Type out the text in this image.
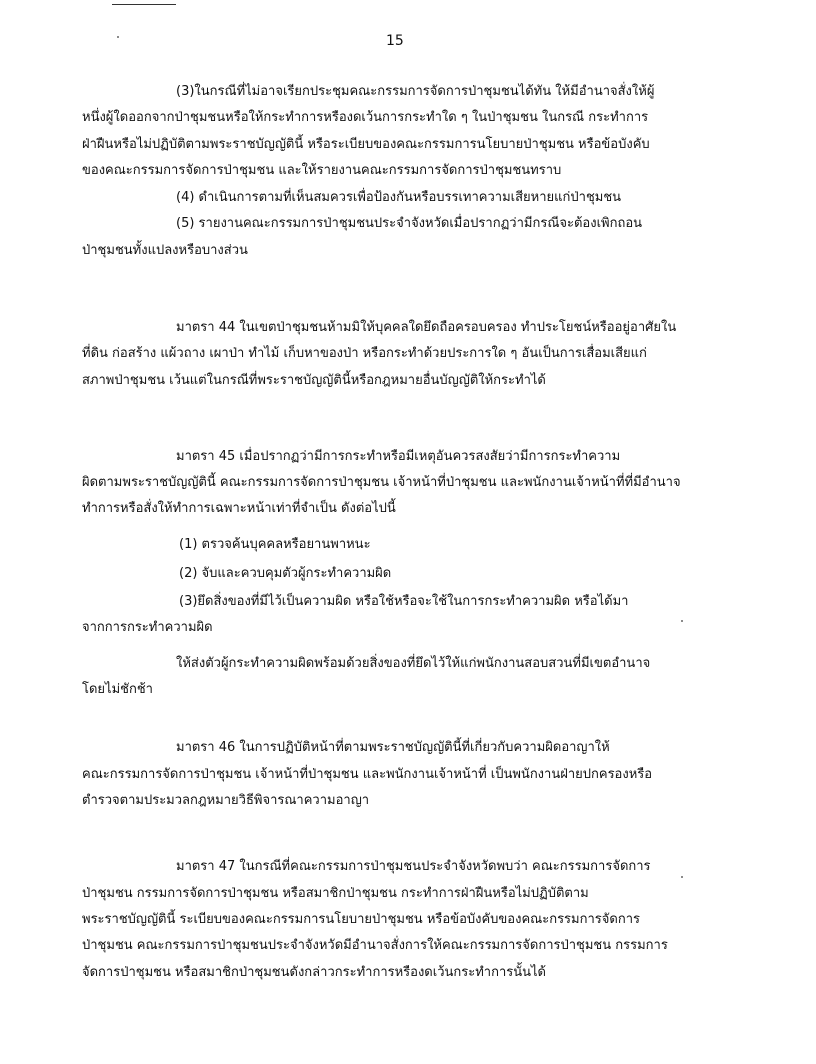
15
(3)ในกรณีที่ไม่อาจเรียกประชุมคณะกรรมการจัดการป่าชุมชนได้ทัน ให้มีอำนาจสั่งให้ผู้
หนึ่งผู้ใดออกจากป่าชุมชนหรือให้กระทำการหรืองดเว้นการกระทำใด ๆ ในป่าชุมชน ในกรณี กระทำการ
ฝ่าฝืนหรือไม่ปฏิบัติตามพระราชบัญญัตินี้ หรือระเบียบของคณะกรรมการนโยบายป่าชุมชน หรือข้อบังคับ
ของคณะกรรมการจัดการป่าชุมชน และให้รายงานคณะกรรมการจัดการป่าชุมชนทราบ
(4) ดำเนินการตามที่เห็นสมควรเพื่อป้องกันหรือบรรเทาความเสียหายแก่ป่าชุมชน
(5) รายงานคณะกรรมการป่าชุมชนประจำจังหวัดเมื่อปรากฏว่ามีกรณีจะต้องเพิกถอน
ป่าชุมชนทั้งแปลงหรือบางส่วน
มาตรา 44 ในเขตป่าชุมชนห้ามมิให้บุคคลใดยึดถือครอบครอง ทำประโยชน์หรืออยู่อาศัยใน
ที่ดิน ก่อสร้าง แผ้วถาง เผาป่า ทำไม้ เก็บหาของป่า หรือกระทำด้วยประการใด ๆ อันเป็นการเสื่อมเสียแก่
สภาพป่าชุมชน เว้นแต่ในกรณีที่พระราชบัญญัตินี้หรือกฎหมายอื่นบัญญัติให้กระทำได้
มาตรา 45 เมื่อปรากฏว่ามีการกระทำหรือมีเหตุอันควรสงสัยว่ามีการกระทำความ
ผิดตามพระราชบัญญัตินี้ คณะกรรมการจัดการป่าชุมชน เจ้าหน้าที่ป่าชุมชน และพนักงานเจ้าหน้าที่ที่มีอำนาจ
ทำการหรือสั่งให้ทำการเฉพาะหน้าเท่าที่จำเป็น ดังต่อไปนี้
(1) ตรวจค้นบุคคลหรือยานพาหนะ
(2) จับและควบคุมตัวผู้กระทำความผิด
(3)ยึดสิ่งของที่มีไว้เป็นความผิด หรือใช้หรือจะใช้ในการกระทำความผิด หรือได้มา
จากการกระทำความผิด
ให้ส่งตัวผู้กระทำความผิดพร้อมด้วยสิ่งของที่ยึดไว้ให้แก่พนักงานสอบสวนที่มีเขตอำนาจ
โดยไม่ชักช้า
มาตรา 46 ในการปฏิบัติหน้าที่ตามพระราชบัญญัตินี้ที่เกี่ยวกับความผิดอาญาให้
คณะกรรมการจัดการป่าชุมชน เจ้าหน้าที่ป่าชุมชน และพนักงานเจ้าหน้าที่ เป็นพนักงานฝ่ายปกครองหรือ
ตำรวจตามประมวลกฎหมายวิธีพิจารณาความอาญา
มาตรา 47 ในกรณีที่คณะกรรมการป่าชุมชนประจำจังหวัดพบว่า คณะกรรมการจัดการ
ป่าชุมชน กรรมการจัดการป่าชุมชน หรือสมาชิกป่าชุมชน กระทำการฝ่าฝืนหรือไม่ปฏิบัติตาม
พระราชบัญญัตินี้ ระเบียบของคณะกรรมการนโยบายป่าชุมชน หรือข้อบังคับของคณะกรรมการจัดการ
ป่าชุมชน คณะกรรมการป่าชุมชนประจำจังหวัดมีอำนาจสั่งการให้คณะกรรมการจัดการป่าชุมชน กรรมการ
จัดการป่าชุมชน หรือสมาชิกป่าชุมชนดังกล่าวกระทำการหรืองดเว้นกระทำการนั้นได้
